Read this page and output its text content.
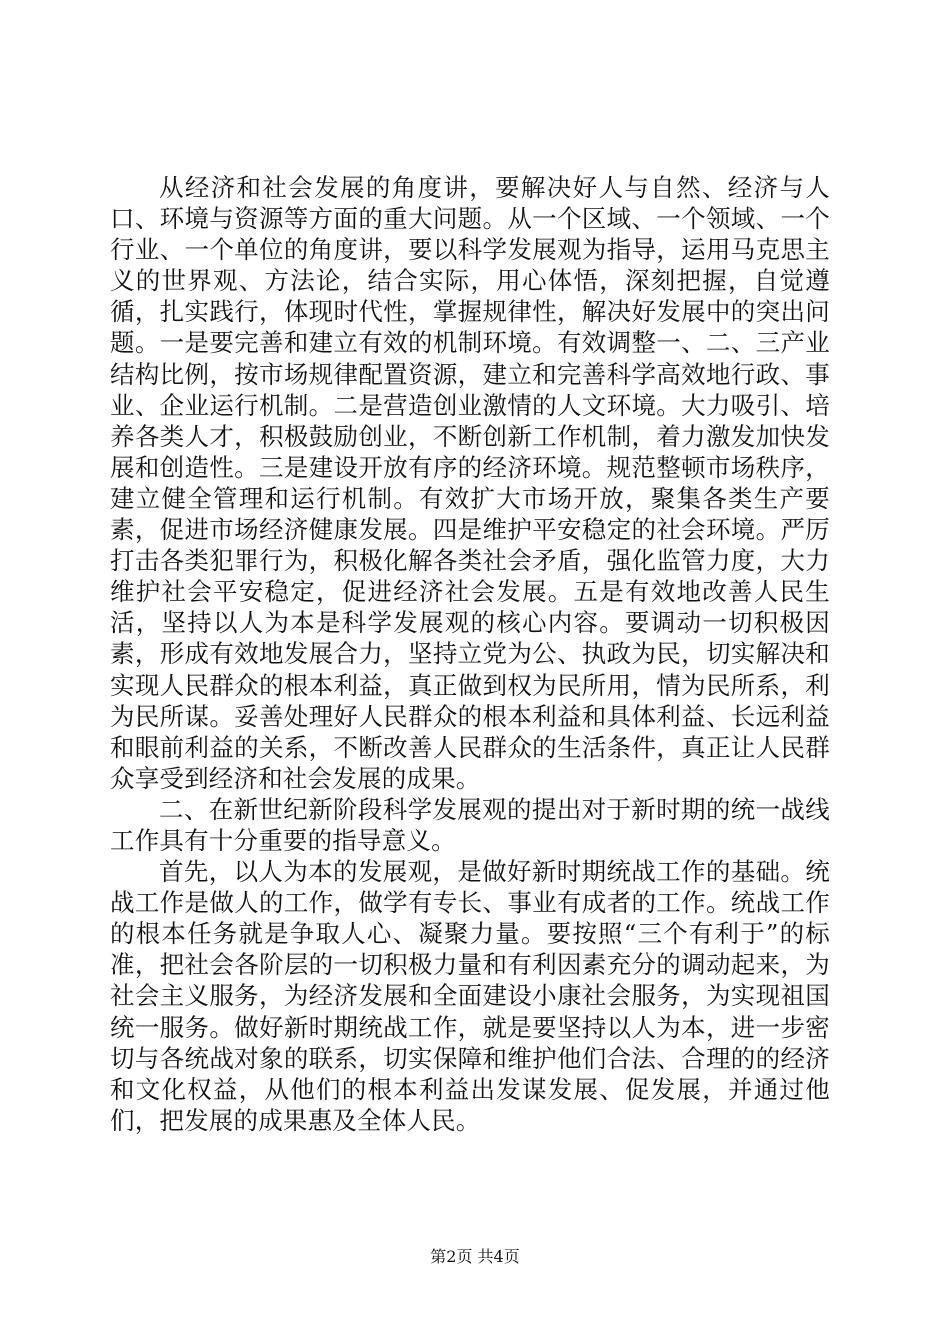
从经济和社会发展的角度讲，要解决好人与自然、经济与人口、环境与资源等方面的重大问题。从一个区域、一个领域、一个行业、一个单位的角度讲，要以科学发展观为指导，运用马克思主义的世界观、方法论，结合实际，用心体悟，深刻把握，自觉遵循，扎实践行，体现时代性，掌握规律性，解决好发展中的突出问题。一是要完善和建立有效的机制环境。有效调整一、二、三产业结构比例，按市场规律配置资源，建立和完善科学高效地行政、事业、企业运行机制。二是营造创业激情的人文环境。大力吸引、培养各类人才，积极鼓励创业，不断创新工作机制，着力激发加快发展和创造性。三是建设开放有序的经济环境。规范整顿市场秩序，建立健全管理和运行机制。有效扩大市场开放，聚集各类生产要素，促进市场经济健康发展。四是维护平安稳定的社会环境。严厉打击各类犯罪行为，积极化解各类社会矛盾，强化监管力度，大力维护社会平安稳定，促进经济社会发展。五是有效地改善人民生活，坚持以人为本是科学发展观的核心内容。要调动一切积极因素，形成有效地发展合力，坚持立党为公、执政为民，切实解决和实现人民群众的根本利益，真正做到权为民所用，情为民所系，利为民所谋。妥善处理好人民群众的根本利益和具体利益、长远利益和眼前利益的关系，不断改善人民群众的生活条件，真正让人民群众享受到经济和社会发展的成果。

二、在新世纪新阶段科学发展观的提出对于新时期的统一战线工作具有十分重要的指导意义。

首先，以人为本的发展观，是做好新时期统战工作的基础。统战工作是做人的工作，做学有专长、事业有成者的工作。统战工作的根本任务就是争取人心、凝聚力量。要按照“三个有利于”的标准，把社会各阶层的一切积极力量和有利因素充分的调动起来，为社会主义服务，为经济发展和全面建设小康社会服务，为实现祖国统一服务。做好新时期统战工作，就是要坚持以人为本，进一步密切与各统战对象的联系，切实保障和维护他们合法、合理的的经济和文化权益，从他们的根本利益出发谋发展、促发展，并通过他们，把发展的成果惠及全体人民。

第2页 共4页
